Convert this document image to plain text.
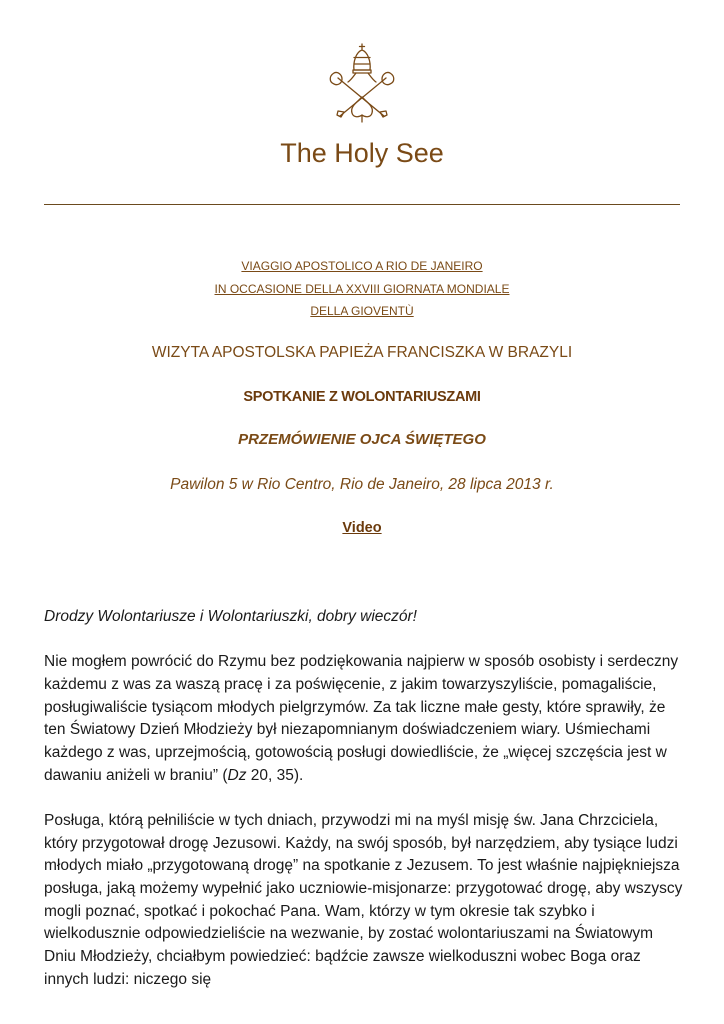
The Holy See
VIAGGIO APOSTOLICO A RIO DE JANEIRO
IN OCCASIONE DELLA XXVIII GIORNATA MONDIALE
DELLA GIOVENTÙ
WIZYTA APOSTOLSKA PAPIEŻA FRANCISZKA W BRAZYLI
SPOTKANIE Z WOLONTARIUSZAMI
PRZEMÓWIENIE OJCA ŚWIĘTEGO
Pawilon 5 w Rio Centro, Rio de Janeiro, 28 lipca 2013 r.
Video

Drodzy Wolontariusze i Wolontariuszki, dobry wieczór!

Nie mogłem powrócić do Rzymu bez podziękowania najpierw w sposób osobisty i serdeczny każdemu z was za waszą pracę i za poświęcenie, z jakim towarzyszyliście, pomagaliście, posługiwaliście tysiącom młodych pielgrzymów. Za tak liczne małe gesty, które sprawiły, że ten Światowy Dzień Młodzieży był niezapomnianym doświadczeniem wiary. Uśmiechami każdego z was, uprzejmością, gotowością posługi dowiedliście, że „więcej szczęścia jest w dawaniu aniżeli w braniu” (Dz 20, 35).

Posługa, którą pełniliście w tych dniach, przywodzi mi na myśl misję św. Jana Chrzciciela, który przygotował drogę Jezusowi. Każdy, na swój sposób, był narzędziem, aby tysiące ludzi młodych miało „przygotowaną drogę” na spotkanie z Jezusem. To jest właśnie najpiękniejsza posługa, jaką możemy wypełnić jako uczniowie-misjonarze: przygotować drogę, aby wszyscy mogli poznać, spotkać i pokochać Pana. Wam, którzy w tym okresie tak szybko i wielkodusznie odpowiedzieliście na wezwanie, by zostać wolontariuszami na Światowym Dniu Młodzieży, chciałbym powiedzieć: bądźcie zawsze wielkoduszni wobec Boga oraz innych ludzi: niczego się
